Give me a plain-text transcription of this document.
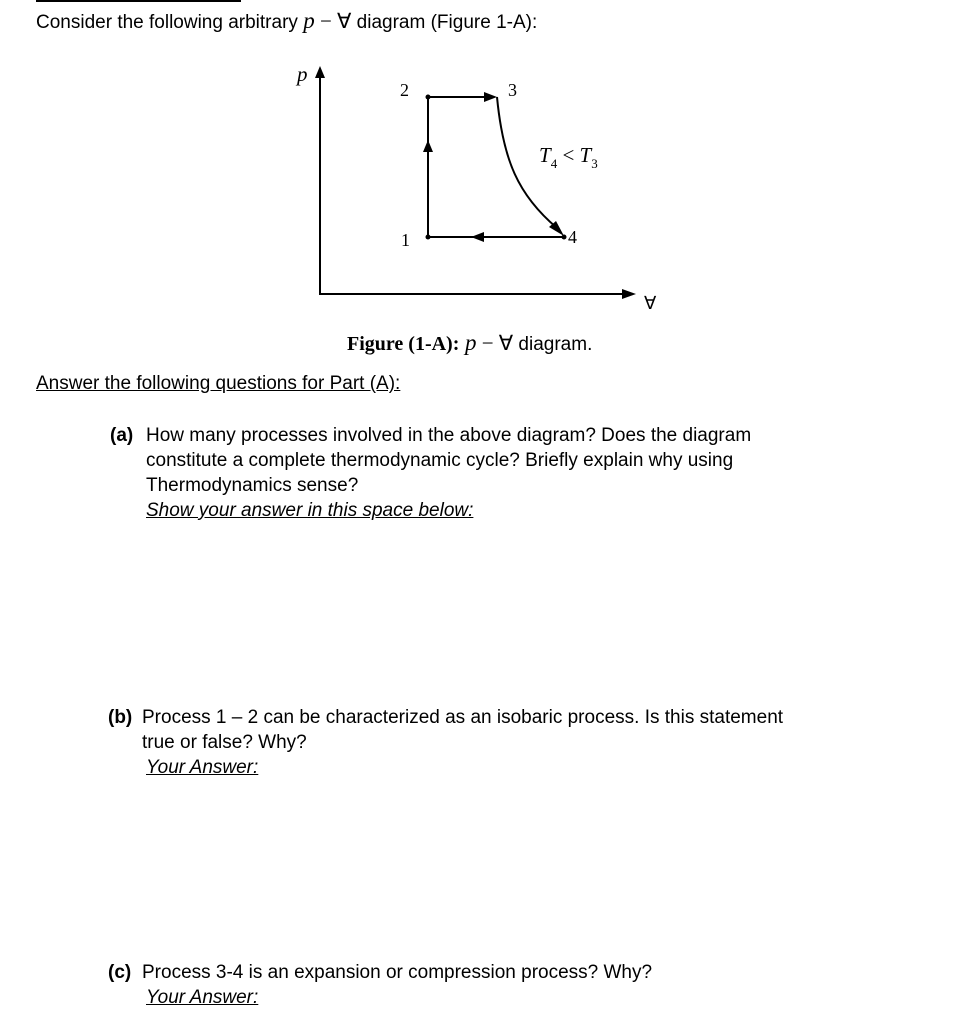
Consider the following arbitrary p − ∀ diagram (Figure 1-A):
p
∀
1
2	3
4
$T_4 < T_3$
Figure (1-A): p − ∀ diagram.
Answer the following questions for Part (A):
(a) How many processes involved in the above diagram? Does the diagram
constitute a complete thermodynamic cycle? Briefly explain why using
Thermodynamics sense?
Show your answer in this space below:
(b) Process 1 – 2 can be characterized as an isobaric process. Is this statement
true or false? Why?
Your Answer:
(c) Process 3-4 is an expansion or compression process? Why?
Your Answer:
